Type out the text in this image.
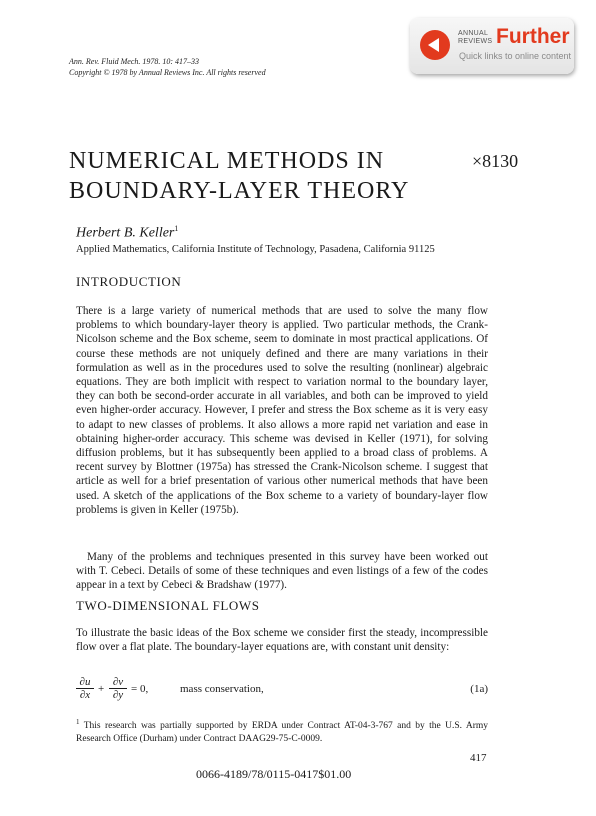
Ann. Rev. Fluid Mech. 1978. 10: 417–33
Copyright © 1978 by Annual Reviews Inc. All rights reserved
ANNUAL
REVIEWS Further
Quick links to online content
NUMERICAL METHODS IN
BOUNDARY-LAYER THEORY
×8130
Herbert B. Keller$^1$
Applied Mathematics, California Institute of Technology, Pasadena, California 91125
INTRODUCTION

There is a large variety of numerical methods that are used to solve the many flow problems to which boundary-layer theory is applied. Two particular methods, the Crank-Nicolson scheme and the Box scheme, seem to dominate in most practical applications. Of course these methods are not uniquely defined and there are many variations in their formulation as well as in the procedures used to solve the resulting (nonlinear) algebraic equations. They are both implicit with respect to variation normal to the boundary layer, they can both be second-order accurate in all variables, and both can be improved to yield even higher-order accuracy. However, I prefer and stress the Box scheme as it is very easy to adapt to new classes of problems. It also allows a more rapid net variation and ease in obtaining higher-order accuracy. This scheme was devised in Keller (1971), for solving diffusion problems, but it has subsequently been applied to a broad class of problems. A recent survey by Blottner (1975a) has stressed the Crank-Nicolson scheme. I suggest that article as well for a brief presentation of various other numerical methods that have been used. A sketch of the applications of the Box scheme to a variety of boundary-layer flow problems is given in Keller (1975b).

Many of the problems and techniques presented in this survey have been worked out with T. Cebeci. Details of some of these techniques and even listings of a few of the codes appear in a text by Cebeci & Bradshaw (1977).

TWO-DIMENSIONAL FLOWS

To illustrate the basic ideas of the Box scheme we consider first the steady, incompressible flow over a flat plate. The boundary-layer equations are, with constant unit density:

$\frac{\partial u}{\partial x} + \frac{\partial v}{\partial y} = 0$,	mass conservation,	(1a)

$^1$ This research was partially supported by ERDA under Contract AT-04-3-767 and by the U.S. Army Research Office (Durham) under Contract DAAG29-75-C-0009.

417
0066-4189/78/0115-0417$01.00
